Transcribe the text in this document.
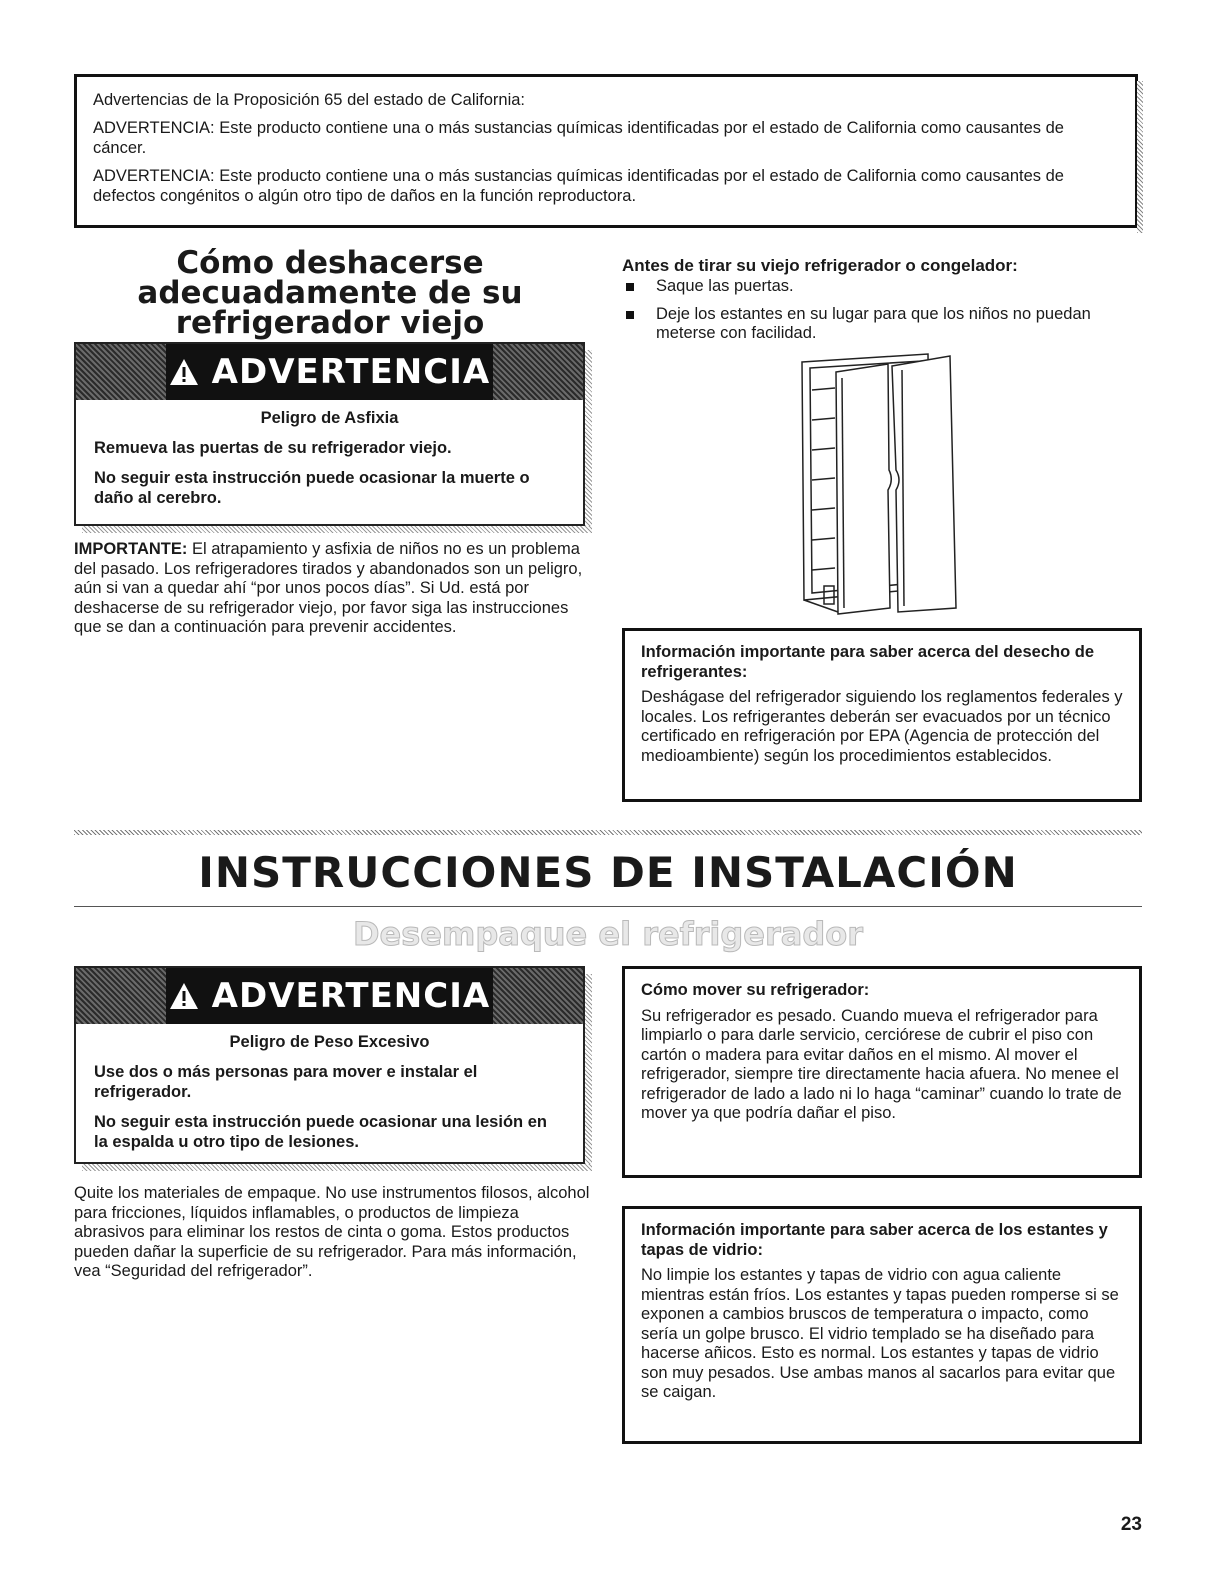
Advertencias de la Proposición 65 del estado de California:

ADVERTENCIA: Este producto contiene una o más sustancias químicas identificadas por el estado de California como causantes de cáncer.

ADVERTENCIA: Este producto contiene una o más sustancias químicas identificadas por el estado de California como causantes de defectos congénitos o algún otro tipo de daños en la función reproductora.

Cómo deshacerse adecuadamente de su refrigerador viejo
ADVERTENCIA

Peligro de Asfixia

Remueva las puertas de su refrigerador viejo.

No seguir esta instrucción puede ocasionar la muerte o daño al cerebro.

IMPORTANTE: El atrapamiento y asfixia de niños no es un problema del pasado. Los refrigeradores tirados y abandonados son un peligro, aún si van a quedar ahí “por unos pocos días”. Si Ud. está por deshacerse de su refrigerador viejo, por favor siga las instrucciones que se dan a continuación para prevenir accidentes.
Antes de tirar su viejo refrigerador o congelador:
Saque las puertas.
Deje los estantes en su lugar para que los niños no puedan meterse con facilidad.

Información importante para saber acerca del desecho de refrigerantes:

Deshágase del refrigerador siguiendo los reglamentos federales y locales. Los refrigerantes deberán ser evacuados por un técnico certificado en refrigeración por EPA (Agencia de protección del medioambiente) según los procedimientos establecidos.

INSTRUCCIONES DE INSTALACIÓN
Desempaque el refrigerador
ADVERTENCIA

Peligro de Peso Excesivo

Use dos o más personas para mover e instalar el refrigerador.

No seguir esta instrucción puede ocasionar una lesión en la espalda u otro tipo de lesiones.

Quite los materiales de empaque. No use instrumentos filosos, alcohol para fricciones, líquidos inflamables, o productos de limpieza abrasivos para eliminar los restos de cinta o goma. Estos productos pueden dañar la superficie de su refrigerador. Para más información, vea “Seguridad del refrigerador”.

Cómo mover su refrigerador:

Su refrigerador es pesado. Cuando mueva el refrigerador para limpiarlo o para darle servicio, cerciórese de cubrir el piso con cartón o madera para evitar daños en el mismo. Al mover el refrigerador, siempre tire directamente hacia afuera. No menee el refrigerador de lado a lado ni lo haga “caminar” cuando lo trate de mover ya que podría dañar el piso.

Información importante para saber acerca de los estantes y tapas de vidrio:

No limpie los estantes y tapas de vidrio con agua caliente mientras están fríos. Los estantes y tapas pueden romperse si se exponen a cambios bruscos de temperatura o impacto, como sería un golpe brusco. El vidrio templado se ha diseñado para hacerse añicos. Esto es normal. Los estantes y tapas de vidrio son muy pesados. Use ambas manos al sacarlos para evitar que se caigan.

23
